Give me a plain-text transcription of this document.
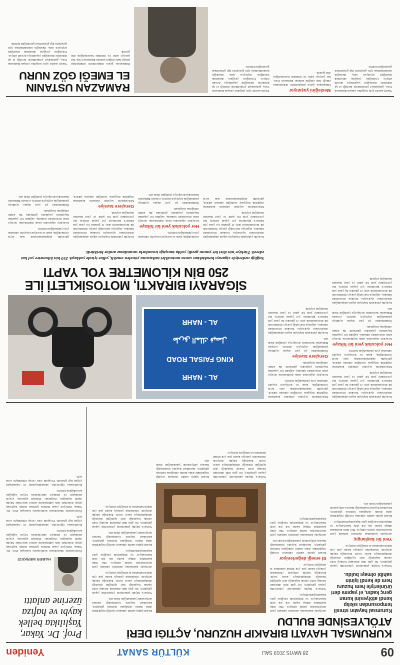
09
28 MAYIS 2019 SALI
KÜLTÜR SANAT
Yeniden
KURUMSAL HAYATI BIRAKIP HUZURU, AÇTIĞI DERİ ATÖLYESİNDE BULDU
Prof. Dr. Yakar, Yaşlılıkta bellek kaybı ve hafıza üzerine anlattı
HABER MERKEZİ

Üniversitede düzenlenen konferansta konuşan Prof. Dr. Yakar, ilerleyen yaşla birlikte görülen bellek kaybının erken dönemde fark edilmesinin tedavi sürecinde büyük önem taşıdığını vurguladı. Düzenli egzersiz, sosyal etkileşim ve zihinsel aktivitelerin beyin sağlığını koruduğunu belirtti.

Konferansa öğrenciler, akademisyenler ve vatandaşlar yoğun ilgi gösterdi. Program soru cevap bölümüyle sona erdi.

Üniversitede düzenlenen konferansta konuşan Prof. Dr. Yakar, ilerleyen yaşla birlikte görülen bellek kaybının erken dönemde fark edilmesinin tedavi sürecinde büyük önem taşıdığını vurguladı. Düzenli egzersiz, sosyal etkileşim ve zihinsel aktivitelerin beyin sağlığını koruduğunu belirtti.

Konferansa öğrenciler, akademisyenler ve vatandaşlar yoğun ilgi gösterdi. Program soru cevap bölümüyle sona erdi.

Kurumsal hayatın stresli temposundan sıkılıp kendi atölyesini kuran genç kadın, el yapımı deri ürünleriyle hem huzuru hem de kendi işinin sahibi olmayı buldu.

Yıllarca büyük şirketlerde yöneticilik yapan girişimci, bir gün tüm düzenini bırakıp hobi olarak başladığı deri işçiliğini mesleğe dönüştürmeye karar verdi. Kurduğu küçük atölyede cüzdandan çantaya kadar pek çok ürünü tamamen el emeğiyle üretiyor.

Yeni bir başlangıç

Atölyede kullanılan derilerin tamamı yerli üreticilerden temin ediliyor. Her ürün kesimden dikişe kadar tek tek elde hazırlanıyor ve müşterinin isteğine göre kişiselleştirilebiliyor.

Kendi işinin sahibi olmanın verdiği özgürlükle daha mutlu olduğunu belirten girişimci, kurumsal hayatta bulamadığı huzuru atölyesinde yakaladığını ifade etti.

Atölyede kullanılan derilerin tamamı yerli üreticilerden temin ediliyor. Her ürün kesimden dikişe kadar tek tek elde hazırlanıyor ve müşterinin isteğine göre kişiselleştirilebiliyor.

Yıllarca büyük şirketlerde yöneticilik yapan girişimci, bir gün tüm düzenini bırakıp hobi olarak başladığı deri işçiliğini mesleğe dönüştürmeye karar verdi. Kurduğu küçük atölyede cüzdandan çantaya kadar pek çok ürünü tamamen el emeğiyle üretiyor.

El emeği değerleniyor

Kendi işinin sahibi olmanın verdiği özgürlükle daha mutlu olduğunu belirten girişimci, kurumsal hayatta bulamadığı huzuru atölyesinde yakaladığını ifade etti.

Atölyede kullanılan derilerin tamamı yerli üreticilerden temin ediliyor. Her ürün kesimden dikişe kadar tek tek elde hazırlanıyor ve müşterinin isteğine göre kişiselleştirilebiliyor.

Kendi işinin sahibi olmanın verdiği özgürlükle daha mutlu olduğunu belirten girişimci, kurumsal hayatta bulamadığı huzuru atölyesinde yakaladığını ifade etti.

Yıllarca büyük şirketlerde yöneticilik yapan girişimci, bir gün tüm düzenini bırakıp hobi olarak başladığı deri işçiliğini mesleğe dönüştürmeye karar verdi. Kurduğu küçük atölyede cüzdandan çantaya kadar pek çok ürünü tamamen el emeğiyle üretiyor.

Atölyede kullanılan derilerin tamamı yerli üreticilerden temin ediliyor. Her ürün kesimden dikişe kadar tek tek elde hazırlanıyor ve müşterinin isteğine göre kişiselleştirilebiliyor.

Kendi işinin sahibi olmanın verdiği özgürlükle daha mutlu olduğunu belirten girişimci, kurumsal hayatta bulamadığı huzuru atölyesinde yakaladığını ifade etti.

Yıllarca büyük şirketlerde yöneticilik yapan girişimci, bir gün tüm düzenini bırakıp hobi olarak başladığı deri işçiliğini mesleğe dönüştürmeye karar verdi. Kurduğu küçük atölyede cüzdandan çantaya kadar pek çok ürünü tamamen el emeğiyle üretiyor.

Yıllarca büyük şirketlerde yöneticilik yapan girişimci, bir gün tüm düzenini bırakıp hobi olarak başladığı deri işçiliğini mesleğe dönüştürmeye karar verdi. Kurduğu küçük atölyede cüzdandan çantaya kadar pek çok ürünü tamamen el emeğiyle üretiyor.

Kendi işinin sahibi olmanın verdiği özgürlükle daha mutlu olduğunu belirten girişimci, kurumsal hayatta bulamadığı huzuru atölyesinde yakaladığını ifade etti.

Gençlik yıllarında başlayan sigara alışkanlığını doktorunun uyarısıyla bırakan motosiklet tutkunu, sigaraya harcadığı parayı biriktirerek ilk motosikletini aldı. O günden bu yana yüz binlerce kilometre yol yapan sürücü, her yolculukta yeni bir şehir ve yeni insanlar tanıdığını söyledi.

Motosikletle seyahat etmenin kendisine özgürlük duygusu verdiğini anlatan sürücü, güvenlik ekipmanlarından asla taviz vermediğini, kask ve koruyucu kıyafet olmadan yola çıkmadığını belirtti.

Her yolculuk yeni bir hikaye

Gençlere sigaradan uzak durmalarını tavsiye eden motosiklet tutkunu, sağlıklı bir yaşamın hayallerin peşinden gitmenin ilk adımı olduğunu vurguladı.

Önümüzdeki yıl yurt dışına açılmayı planladığını söyleyen sürücü, rotasını Balkanlar üzerinden Avrupa'ya çizdiğini ifade etti.

Gençlik yıllarında başlayan sigara alışkanlığını doktorunun uyarısıyla bırakan motosiklet tutkunu, sigaraya harcadığı parayı biriktirerek ilk motosikletini aldı. O günden bu yana yüz binlerce kilometre yol yapan sürücü, her yolculukta yeni bir şehir ve yeni insanlar tanıdığını söyledi.

Motosikletle seyahat etmenin kendisine özgürlük duygusu verdiğini anlatan sürücü, güvenlik ekipmanlarından asla taviz vermediğini, kask ve koruyucu kıyafet olmadan yola çıkmadığını belirtti.

Gençlere sigaradan uzak durmalarını tavsiye eden motosiklet tutkunu, sağlıklı bir yaşamın hayallerin peşinden gitmenin ilk adımı olduğunu vurguladı.

Gençlere tavsiye

Önümüzdeki yıl yurt dışına açılmayı planladığını söyleyen sürücü, rotasını Balkanlar üzerinden Avrupa'ya çizdiğini ifade etti.

Gençlik yıllarında başlayan sigara alışkanlığını doktorunun uyarısıyla bırakan motosiklet tutkunu, sigaraya harcadığı parayı biriktirerek ilk motosikletini aldı. O günden bu yana yüz binlerce kilometre yol yapan sürücü, her yolculukta yeni bir şehir ve yeni insanlar tanıdığını söyledi.

AL - NAHR
KING FAISAL ROAD
طريق الملك فيصل
AL - NAHR
SİGARAYI BIRAKTI, MOTOSİKLETİ İLE
250 BİN KİLOMETRE YOL YAPTI
Sağlığı nedeniyle sigarayı bıraktıktan sonra motosiklet tutkusuna yönelen emekli, yıllar içinde yaklaşık 250 bin kilometre yol kat ederek Türkiye'nin dört bir yanını gezdi; yolda tanıştığı insanlarla unutulmaz anılar biriktirdi.

Gençlik yıllarında başlayan sigara alışkanlığını doktorunun uyarısıyla bırakan motosiklet tutkunu, sigaraya harcadığı parayı biriktirerek ilk motosikletini aldı. O günden bu yana yüz binlerce kilometre yol yapan sürücü, her yolculukta yeni bir şehir ve yeni insanlar tanıdığını söyledi.

Motosikletle seyahat etmenin kendisine özgürlük duygusu verdiğini anlatan sürücü, güvenlik ekipmanlarından asla taviz vermediğini, kask ve koruyucu kıyafet olmadan yola çıkmadığını belirtti.

Her yolculuk yeni bir hikaye

Gençlere sigaradan uzak durmalarını tavsiye eden motosiklet tutkunu, sağlıklı bir yaşamın hayallerin peşinden gitmenin ilk adımı olduğunu vurguladı.

Önümüzdeki yıl yurt dışına açılmayı planladığını söyleyen sürücü, rotasını Balkanlar üzerinden Avrupa'ya çizdiğini ifade etti.

Gençlik yıllarında başlayan sigara alışkanlığını doktorunun uyarısıyla bırakan motosiklet tutkunu, sigaraya harcadığı parayı biriktirerek ilk motosikletini aldı. O günden bu yana yüz binlerce kilometre yol yapan sürücü, her yolculukta yeni bir şehir ve yeni insanlar tanıdığını söyledi.

Gençlere tavsiye

Motosikletle seyahat etmenin kendisine özgürlük duygusu verdiğini anlatan sürücü, güvenlik ekipmanlarından asla taviz vermediğini, kask ve koruyucu kıyafet olmadan yola çıkmadığını belirtti.

Gençlere sigaradan uzak durmalarını tavsiye eden motosiklet tutkunu, sağlıklı bir yaşamın hayallerin peşinden gitmenin ilk adımı olduğunu vurguladı.

Önümüzdeki yıl yurt dışına açılmayı planladığını söyleyen sürücü, rotasını Balkanlar üzerinden Avrupa'ya çizdiğini ifade etti.

Yarım asırdır aynı tezgahta çalışan Ramazan Usta, geleneksel yöntemlerle ürettiği el işi ürünlerle mesleğini yaşatmaya devam ediyor. Ustalığını çırağına aktarmak istediğini söyleyen usta, mesleğin unutulmaması için gençlerin ilgi göstermesi gerektiğini belirtti.

Mesleğini yaşatıyor

Dükkanına gelen müşterilerin ürünlerdeki emeği fark ettiğini anlatan Ramazan Usta, her parçayı sabır ve titizlikle hazırladığını dile getirdi.

Yarım asırdır aynı tezgahta çalışan Ramazan Usta, geleneksel yöntemlerle ürettiği el işi ürünlerle mesleğini yaşatmaya devam ediyor. Ustalığını çırağına aktarmak istediğini söyleyen usta, mesleğin unutulmaması için gençlerin ilgi göstermesi gerektiğini belirtti.

RAMAZAN USTANIN
EL EMEĞİ GÖZ NURU

Dükkanına gelen müşterilerin ürünlerdeki emeği fark ettiğini anlatan Ramazan Usta, her parçayı sabır ve titizlikle hazırladığını dile getirdi.

Yarım asırdır aynı tezgahta çalışan Ramazan Usta, geleneksel yöntemlerle ürettiği el işi ürünlerle mesleğini yaşatmaya devam ediyor. Ustalığını çırağına aktarmak istediğini söyleyen usta, mesleğin unutulmaması için gençlerin ilgi göstermesi gerektiğini belirtti.
